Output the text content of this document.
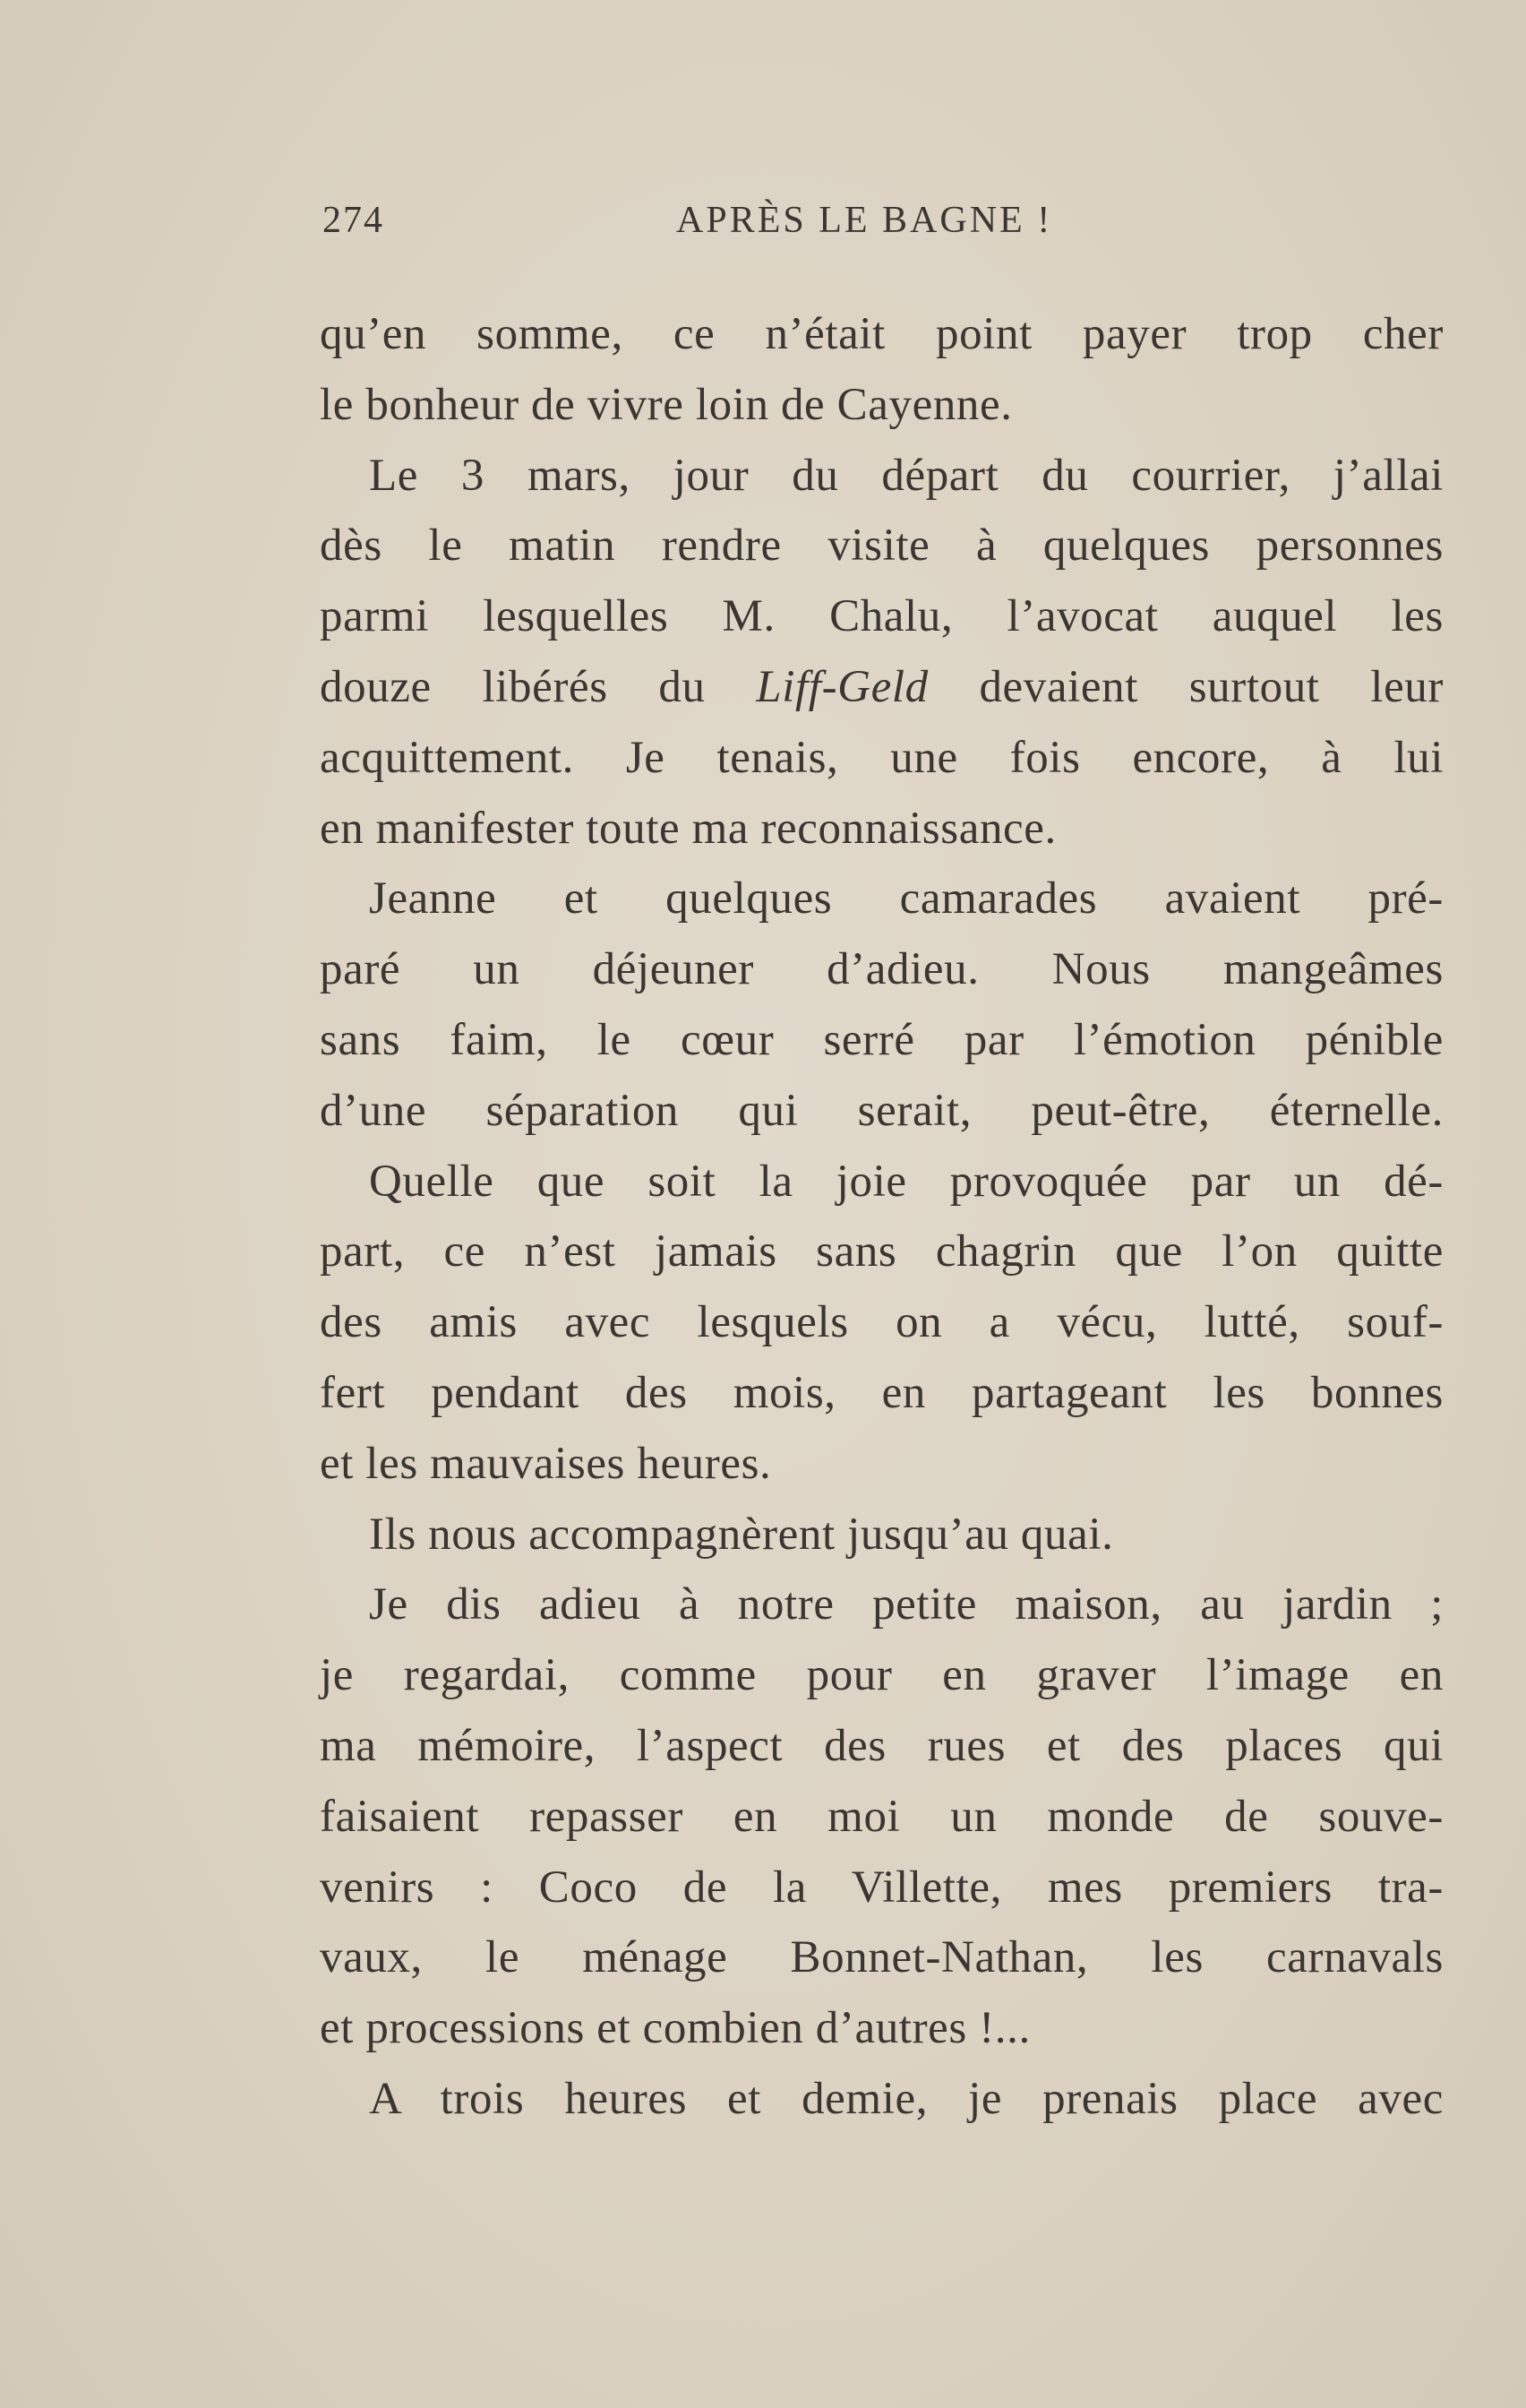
274	APRÈS LE BAGNE !
qu’en somme, ce n’était point payer trop cher
le bonheur de vivre loin de Cayenne.
Le 3 mars, jour du départ du courrier, j’allai
dès le matin rendre visite à quelques personnes
parmi lesquelles M. Chalu, l’avocat auquel les
douze libérés du Liff-Geld devaient surtout leur
acquittement. Je tenais, une fois encore, à lui
en manifester toute ma reconnaissance.
Jeanne et quelques camarades avaient pré-
paré un déjeuner d’adieu. Nous mangeâmes
sans faim, le cœur serré par l’émotion pénible
d’une séparation qui serait, peut-être, éternelle.
Quelle que soit la joie provoquée par un dé-
part, ce n’est jamais sans chagrin que l’on quitte
des amis avec lesquels on a vécu, lutté, souf-
fert pendant des mois, en partageant les bonnes
et les mauvaises heures.
Ils nous accompagnèrent jusqu’au quai.
Je dis adieu à notre petite maison, au jardin ;
je regardai, comme pour en graver l’image en
ma mémoire, l’aspect des rues et des places qui
faisaient repasser en moi un monde de souve-
venirs : Coco de la Villette, mes premiers tra-
vaux, le ménage Bonnet-Nathan, les carnavals
et processions et combien d’autres !...
A trois heures et demie, je prenais place avec
